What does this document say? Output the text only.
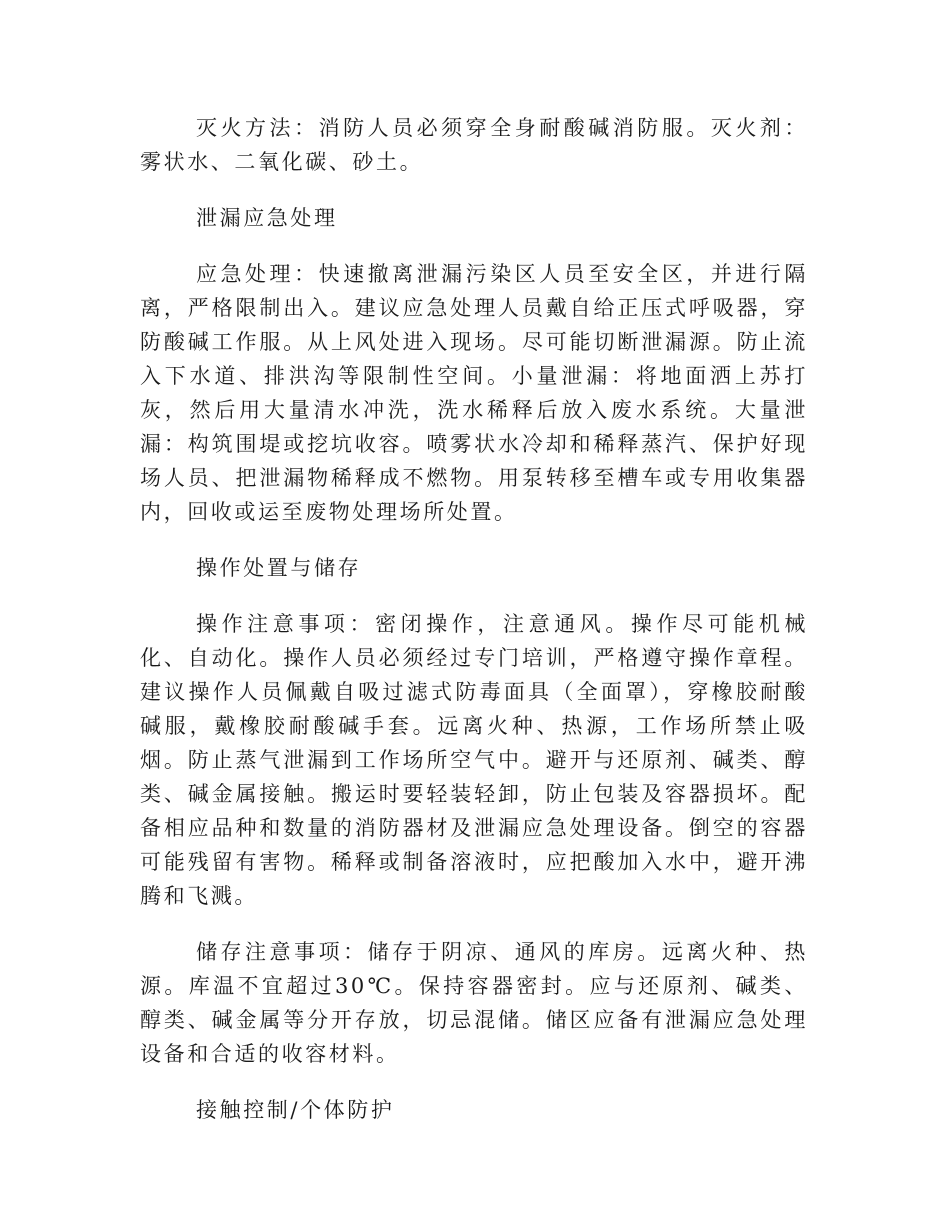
灭火方法：消防人员必须穿全身耐酸碱消防服。灭火剂：雾状水、二氧化碳、砂土。

泄漏应急处理

应急处理：快速撤离泄漏污染区人员至安全区，并进行隔离，严格限制出入。建议应急处理人员戴自给正压式呼吸器，穿防酸碱工作服。从上风处进入现场。尽可能切断泄漏源。防止流入下水道、排洪沟等限制性空间。小量泄漏：将地面洒上苏打灰，然后用大量清水冲洗，洗水稀释后放入废水系统。大量泄漏：构筑围堤或挖坑收容。喷雾状水冷却和稀释蒸汽、保护好现场人员、把泄漏物稀释成不燃物。用泵转移至槽车或专用收集器内，回收或运至废物处理场所处置。

操作处置与储存

操作注意事项：密闭操作，注意通风。操作尽可能机械化、自动化。操作人员必须经过专门培训，严格遵守操作章程。建议操作人员佩戴自吸过滤式防毒面具（全面罩），穿橡胶耐酸碱服，戴橡胶耐酸碱手套。远离火种、热源，工作场所禁止吸烟。防止蒸气泄漏到工作场所空气中。避开与还原剂、碱类、醇类、碱金属接触。搬运时要轻装轻卸，防止包装及容器损坏。配备相应品种和数量的消防器材及泄漏应急处理设备。倒空的容器可能残留有害物。稀释或制备溶液时，应把酸加入水中，避开沸腾和飞溅。

储存注意事项：储存于阴凉、通风的库房。远离火种、热源。库温不宜超过30℃。保持容器密封。应与还原剂、碱类、醇类、碱金属等分开存放，切忌混储。储区应备有泄漏应急处理设备和合适的收容材料。

接触控制/个体防护
